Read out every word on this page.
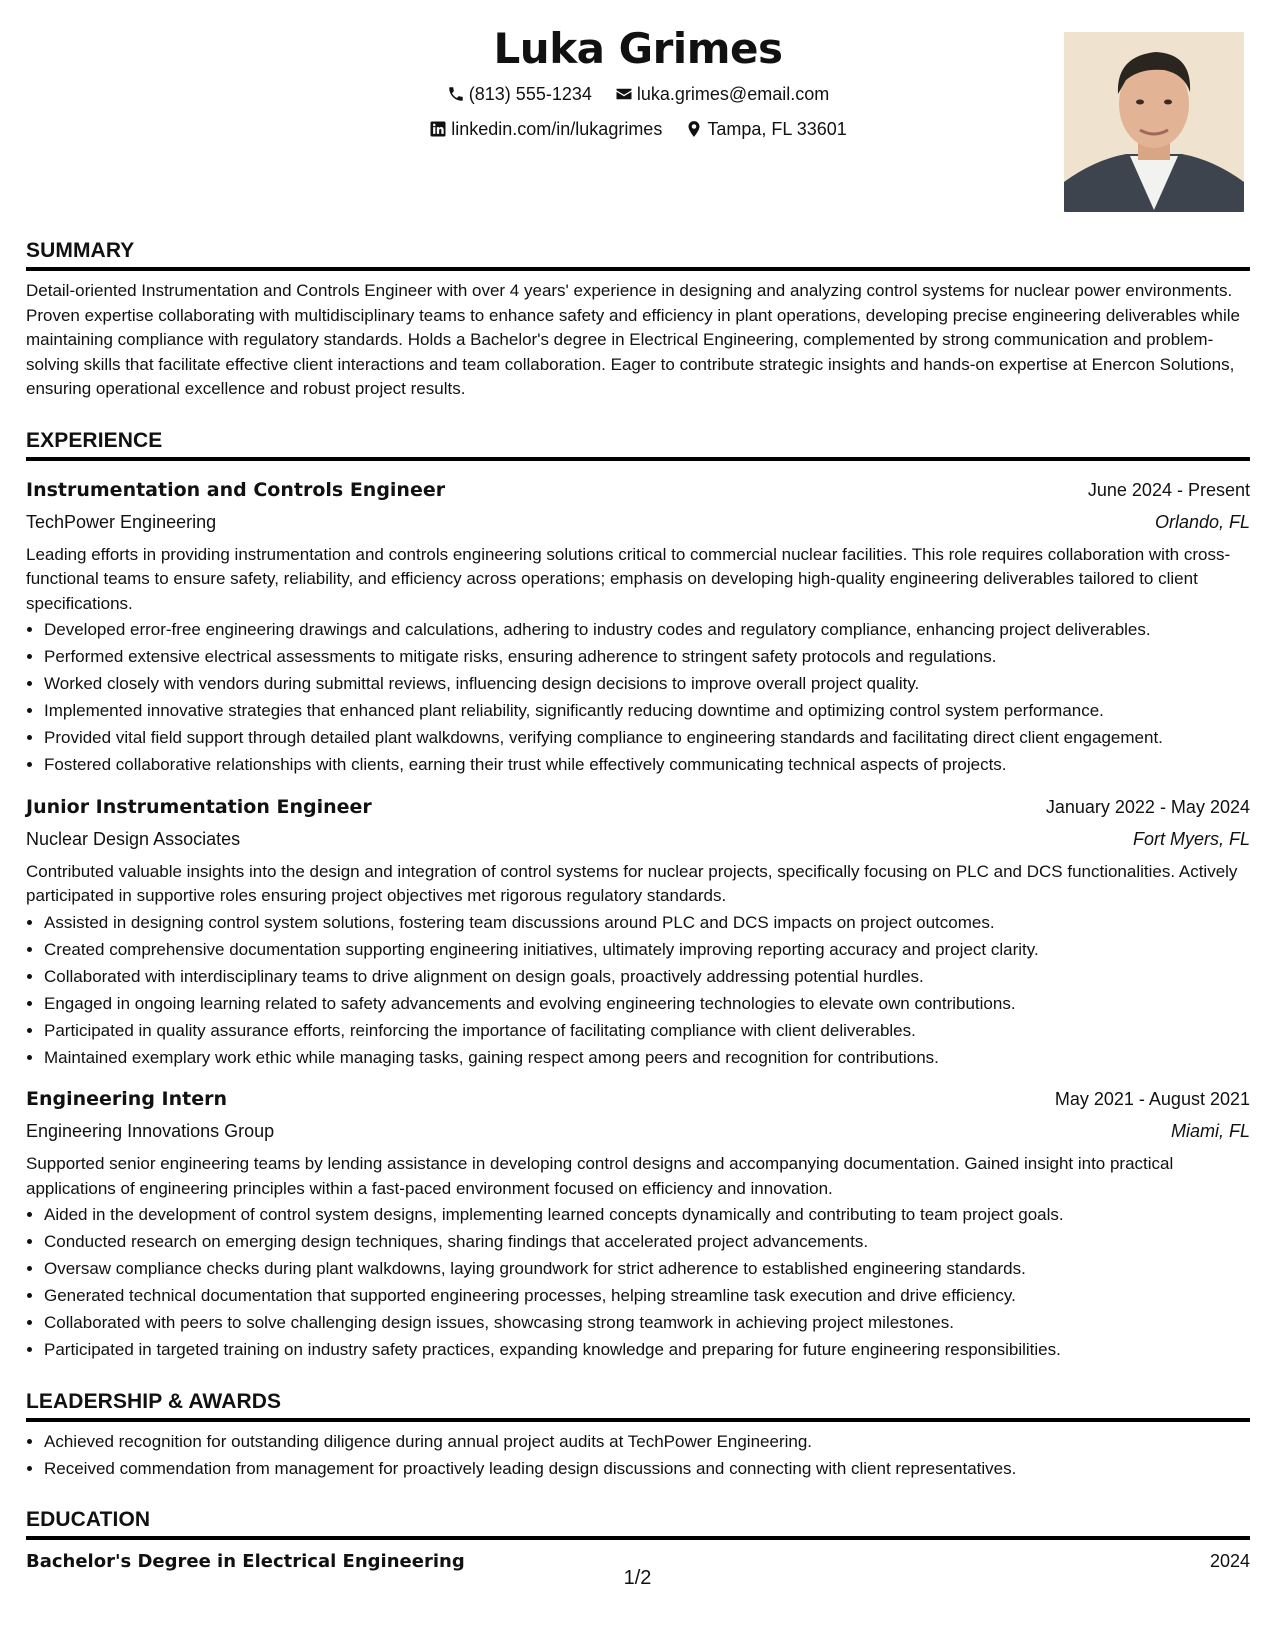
Luka Grimes
(813) 555-1234
	luka.grimes@email.com
linkedin.com/in/lukagrimes
	Tampa, FL 33601
SUMMARY

Detail-oriented Instrumentation and Controls Engineer with over 4 years' experience in designing and analyzing control systems for nuclear power environments. Proven expertise collaborating with multidisciplinary teams to enhance safety and efficiency in plant operations, developing precise engineering deliverables while maintaining compliance with regulatory standards. Holds a Bachelor's degree in Electrical Engineering, complemented by strong communication and problem-solving skills that facilitate effective client interactions and team collaboration. Eager to contribute strategic insights and hands-on expertise at Enercon Solutions, ensuring operational excellence and robust project results.

EXPERIENCE
Instrumentation and Controls Engineer	June 2024 - Present
TechPower Engineering	Orlando, FL

Leading efforts in providing instrumentation and controls engineering solutions critical to commercial nuclear facilities. This role requires collaboration with cross-functional teams to ensure safety, reliability, and efficiency across operations; emphasis on developing high-quality engineering deliverables tailored to client specifications.

• Developed error-free engineering drawings and calculations, adhering to industry codes and regulatory compliance, enhancing project deliverables.
• Performed extensive electrical assessments to mitigate risks, ensuring adherence to stringent safety protocols and regulations.
• Worked closely with vendors during submittal reviews, influencing design decisions to improve overall project quality.
• Implemented innovative strategies that enhanced plant reliability, significantly reducing downtime and optimizing control system performance.
• Provided vital field support through detailed plant walkdowns, verifying compliance to engineering standards and facilitating direct client engagement.
• Fostered collaborative relationships with clients, earning their trust while effectively communicating technical aspects of projects.
Junior Instrumentation Engineer	January 2022 - May 2024
Nuclear Design Associates	Fort Myers, FL

Contributed valuable insights into the design and integration of control systems for nuclear projects, specifically focusing on PLC and DCS functionalities. Actively participated in supportive roles ensuring project objectives met rigorous regulatory standards.

• Assisted in designing control system solutions, fostering team discussions around PLC and DCS impacts on project outcomes.
• Created comprehensive documentation supporting engineering initiatives, ultimately improving reporting accuracy and project clarity.
• Collaborated with interdisciplinary teams to drive alignment on design goals, proactively addressing potential hurdles.
• Engaged in ongoing learning related to safety advancements and evolving engineering technologies to elevate own contributions.
• Participated in quality assurance efforts, reinforcing the importance of facilitating compliance with client deliverables.
• Maintained exemplary work ethic while managing tasks, gaining respect among peers and recognition for contributions.
Engineering Intern	May 2021 - August 2021
Engineering Innovations Group	Miami, FL

Supported senior engineering teams by lending assistance in developing control designs and accompanying documentation. Gained insight into practical applications of engineering principles within a fast-paced environment focused on efficiency and innovation.

• Aided in the development of control system designs, implementing learned concepts dynamically and contributing to team project goals.
• Conducted research on emerging design techniques, sharing findings that accelerated project advancements.
• Oversaw compliance checks during plant walkdowns, laying groundwork for strict adherence to established engineering standards.
• Generated technical documentation that supported engineering processes, helping streamline task execution and drive efficiency.
• Collaborated with peers to solve challenging design issues, showcasing strong teamwork in achieving project milestones.
• Participated in targeted training on industry safety practices, expanding knowledge and preparing for future engineering responsibilities.
LEADERSHIP & AWARDS
• Achieved recognition for outstanding diligence during annual project audits at TechPower Engineering.
• Received commendation from management for proactively leading design discussions and connecting with client representatives.
EDUCATION
Bachelor's Degree in Electrical Engineering	2024
1/2
